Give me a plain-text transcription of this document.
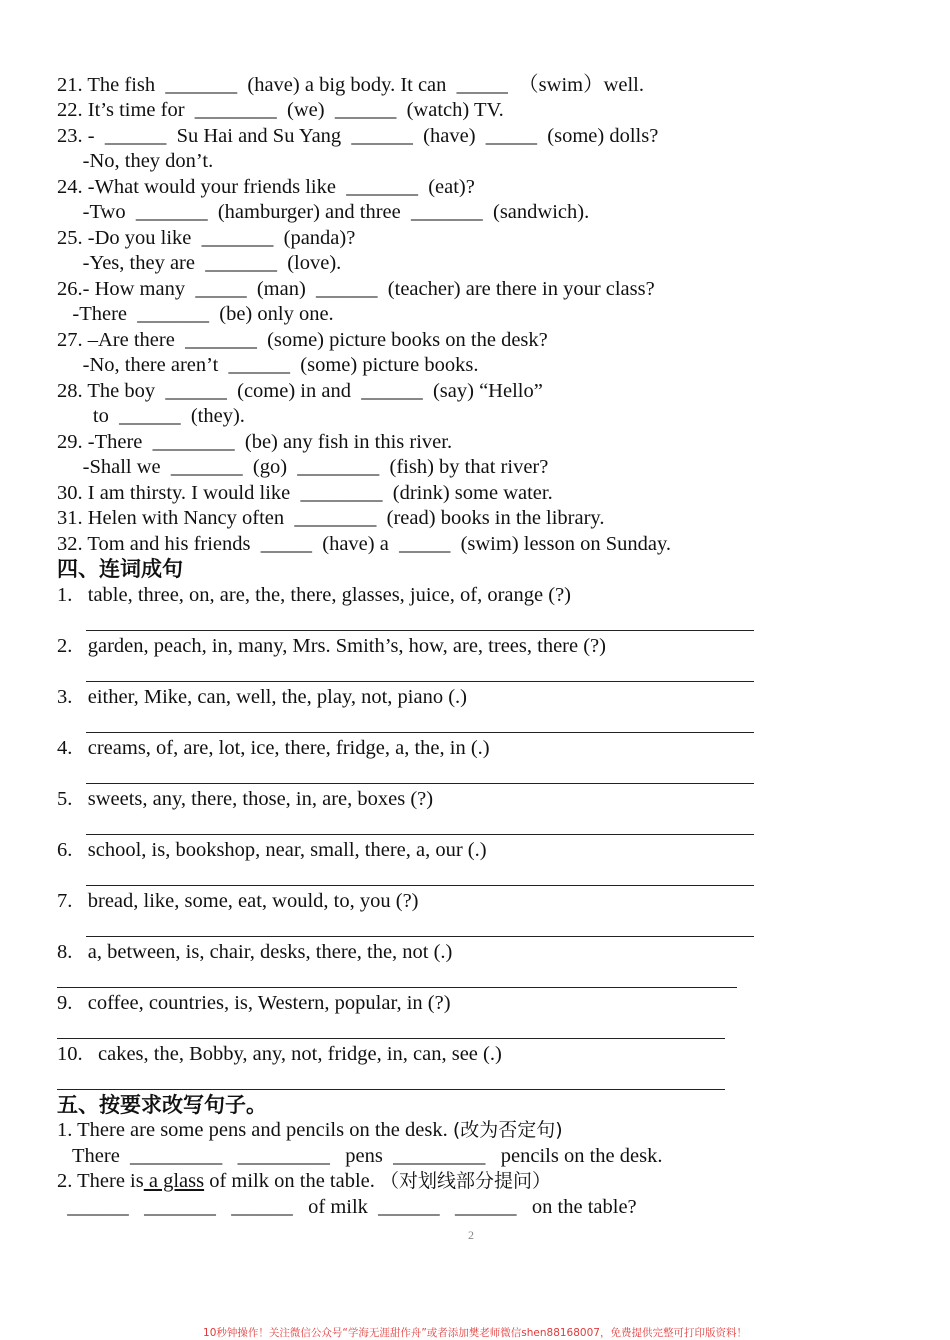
21. The fish  _______  (have) a big body. It can  _____  （swim）well.
22. It’s time for  ________  (we)  ______  (watch) TV.
23. -  ______  Su Hai and Su Yang  ______  (have)  _____  (some) dolls?
-No, they don’t.
24. -What would your friends like  _______  (eat)?
-Two  _______  (hamburger) and three  _______  (sandwich).
25. -Do you like  _______  (panda)?
-Yes, they are  _______  (love).
26.- How many  _____  (man)  ______  (teacher) are there in your class?
-There  _______  (be) only one.
27. –Are there  _______  (some) picture books on the desk?
-No, there aren’t  ______  (some) picture books.
28. The boy  ______  (come) in and  ______  (say) “Hello”
to  ______  (they).
29. -There  ________  (be) any fish in this river.
-Shall we  _______  (go)  ________  (fish) by that river?
30. I am thirsty. I would like  ________  (drink) some water.
31. Helen with Nancy often  ________  (read) books in the library.
32. Tom and his friends  _____  (have) a  _____  (swim) lesson on Sunday.
四、连词成句
1.   table, three, on, are, the, there, glasses, juice, of, orange (?)
2.   garden, peach, in, many, Mrs. Smith’s, how, are, trees, there (?)
3.   either, Mike, can, well, the, play, not, piano (.)
4.   creams, of, are, lot, ice, there, fridge, a, the, in (.)
5.   sweets, any, there, those, in, are, boxes (?)
6.   school, is, bookshop, near, small, there, a, our (.)
7.   bread, like, some, eat, would, to, you (?)
8.   a, between, is, chair, desks, there, the, not (.)
9.   coffee, countries, is, Western, popular, in (?)
10.   cakes, the, Bobby, any, not, fridge, in, can, see (.)
五、按要求改写句子。
1. There are some pens and pencils on the desk. (改为否定句)
There  _________   _________   pens  _________   pencils on the desk.
2. There is a glass of milk on the table. （对划线部分提问）
______   _______   ______   of milk  ______   ______   on the table?
2
10秒钟操作！关注微信公众号“学海无涯甜作舟”或者添加樊老师微信shen88168007，免费提供完整可打印版资料！
